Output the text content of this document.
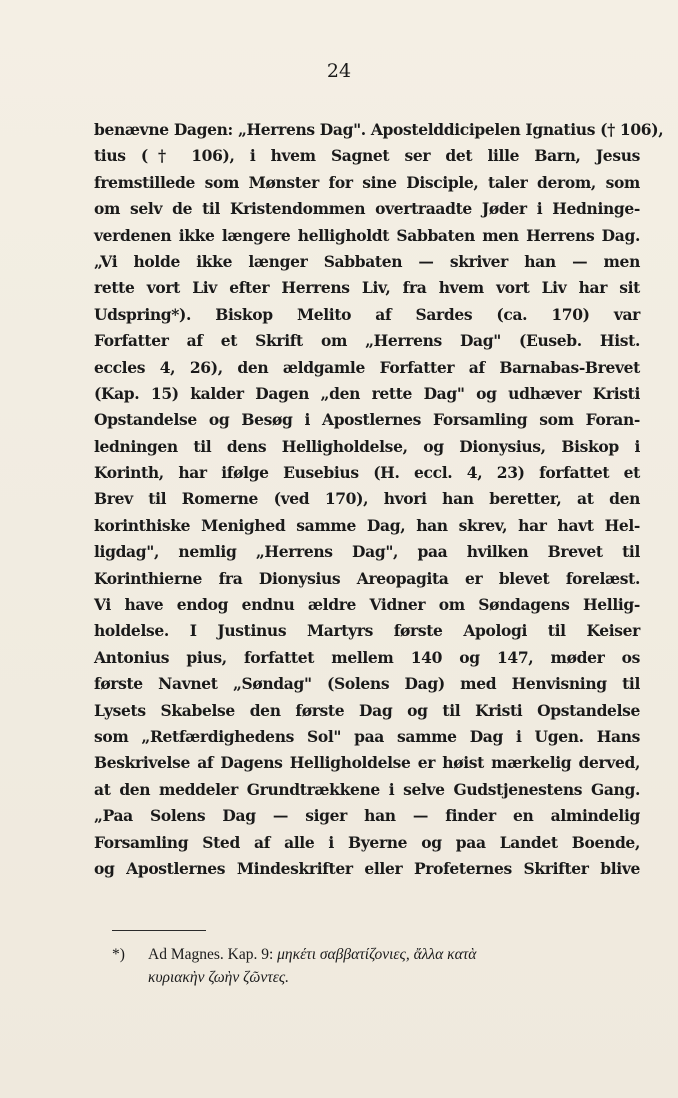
24
benævne Dagen: „Herrens Dag". Apostelddicipelen Ignatius († 106),
tius († 106), i hvem Sagnet ser det lille Barn, Jesus
fremstillede som Mønster for sine Disciple, taler derom, som
om selv de til Kristendommen overtraadte Jøder i Hedninge-
verdenen ikke længere helligholdt Sabbaten men Herrens Dag.
„Vi holde ikke længer Sabbaten — skriver han — men
rette vort Liv efter Herrens Liv, fra hvem vort Liv har sit
Udspring*). Biskop Melito af Sardes (ca. 170) var
Forfatter af et Skrift om „Herrens Dag" (Euseb. Hist.
eccles 4, 26), den ældgamle Forfatter af Barnabas-Brevet
(Kap. 15) kalder Dagen „den rette Dag" og udhæver Kristi
Opstandelse og Besøg i Apostlernes Forsamling som Foran-
ledningen til dens Helligholdelse, og Dionysius, Biskop i
Korinth, har ifølge Eusebius (H. eccl. 4, 23) forfattet et
Brev til Romerne (ved 170), hvori han beretter, at den
korinthiske Menighed samme Dag, han skrev, har havt Hel-
ligdag", nemlig „Herrens Dag", paa hvilken Brevet til
Korinthierne fra Dionysius Areopagita er blevet forelæst.
Vi have endog endnu ældre Vidner om Søndagens Hellig-
holdelse. I Justinus Martyrs første Apologi til Keiser
Antonius pius, forfattet mellem 140 og 147, møder os
første Navnet „Søndag" (Solens Dag) med Henvisning til
Lysets Skabelse den første Dag og til Kristi Opstandelse
som „Retfærdighedens Sol" paa samme Dag i Ugen. Hans
Beskrivelse af Dagens Helligholdelse er høist mærkelig derved,
at den meddeler Grundtrækkene i selve Gudstjenestens Gang.
„Paa Solens Dag — siger han — finder en almindelig
Forsamling Sted af alle i Byerne og paa Landet Boende,
og Apostlernes Mindeskrifter eller Profeternes Skrifter blive
*) Ad Magnes. Kap. 9: μηκέτι σαββατίζονιες, ἄλλα κατὰ
κυριακὴν ζωὴν ζῶντες.
